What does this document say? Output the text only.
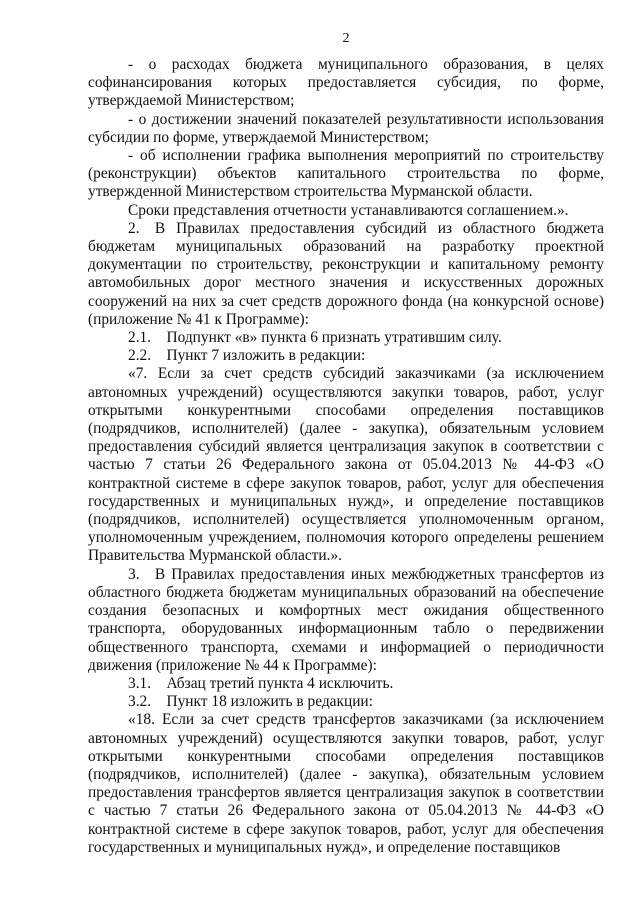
2

- о расходах бюджета муниципального образования, в целях софинансирования которых предоставляется субсидия, по форме, утверждаемой Министерством;

- о достижении значений показателей результативности использования субсидии по форме, утверждаемой Министерством;

- об исполнении графика выполнения мероприятий по строительству (реконструкции) объектов капитального строительства по форме, утвержденной Министерством строительства Мурманской области.

Сроки представления отчетности устанавливаются соглашением.».

2. В Правилах предоставления субсидий из областного бюджета бюджетам муниципальных образований на разработку проектной документации по строительству, реконструкции и капитальному ремонту автомобильных дорог местного значения и искусственных дорожных сооружений на них за счет средств дорожного фонда (на конкурсной основе) (приложение № 41 к Программе):

2.1. Подпункт «в» пункта 6 признать утратившим силу.

2.2. Пункт 7 изложить в редакции:

«7. Если за счет средств субсидий заказчиками (за исключением автономных учреждений) осуществляются закупки товаров, работ, услуг открытыми конкурентными способами определения поставщиков (подрядчиков, исполнителей) (далее - закупка), обязательным условием предоставления субсидий является централизация закупок в соответствии с частью 7 статьи 26 Федерального закона от 05.04.2013 № 44-ФЗ «О контрактной системе в сфере закупок товаров, работ, услуг для обеспечения государственных и муниципальных нужд», и определение поставщиков (подрядчиков, исполнителей) осуществляется уполномоченным органом, уполномоченным учреждением, полномочия которого определены решением Правительства Мурманской области.».

3. В Правилах предоставления иных межбюджетных трансфертов из областного бюджета бюджетам муниципальных образований на обеспечение создания безопасных и комфортных мест ожидания общественного транспорта, оборудованных информационным табло о передвижении общественного транспорта, схемами и информацией о периодичности движения (приложение № 44 к Программе):

3.1. Абзац третий пункта 4 исключить.

3.2. Пункт 18 изложить в редакции:

«18. Если за счет средств трансфертов заказчиками (за исключением автономных учреждений) осуществляются закупки товаров, работ, услуг открытыми конкурентными способами определения поставщиков (подрядчиков, исполнителей) (далее - закупка), обязательным условием предоставления трансфертов является централизация закупок в соответствии с частью 7 статьи 26 Федерального закона от 05.04.2013 № 44-ФЗ «О контрактной системе в сфере закупок товаров, работ, услуг для обеспечения государственных и муниципальных нужд», и определение поставщиков
